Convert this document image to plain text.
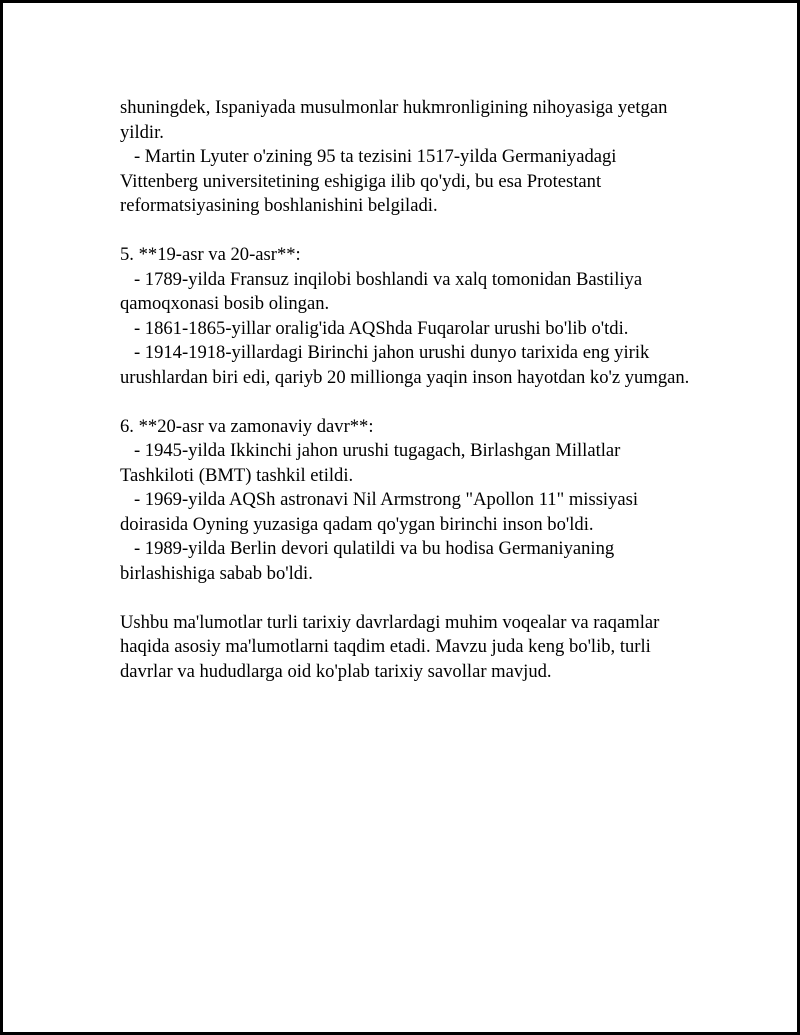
shuningdek, Ispaniyada musulmonlar hukmronligining nihoyasiga yetgan

yildir.

- Martin Lyuter o'zining 95 ta tezisini 1517-yilda Germaniyadagi

Vittenberg universitetining eshigiga ilib qo'ydi, bu esa Protestant

reformatsiyasining boshlanishini belgiladi.

5. **19-asr va 20-asr**:

- 1789-yilda Fransuz inqilobi boshlandi va xalq tomonidan Bastiliya

qamoqxonasi bosib olingan.

- 1861-1865-yillar oralig'ida AQShda Fuqarolar urushi bo'lib o'tdi.

- 1914-1918-yillardagi Birinchi jahon urushi dunyo tarixida eng yirik

urushlardan biri edi, qariyb 20 millionga yaqin inson hayotdan ko'z yumgan.

6. **20-asr va zamonaviy davr**:

- 1945-yilda Ikkinchi jahon urushi tugagach, Birlashgan Millatlar

Tashkiloti (BMT) tashkil etildi.

- 1969-yilda AQSh astronavi Nil Armstrong "Apollon 11" missiyasi

doirasida Oyning yuzasiga qadam qo'ygan birinchi inson bo'ldi.

- 1989-yilda Berlin devori qulatildi va bu hodisa Germaniyaning

birlashishiga sabab bo'ldi.

Ushbu ma'lumotlar turli tarixiy davrlardagi muhim voqealar va raqamlar

haqida asosiy ma'lumotlarni taqdim etadi. Mavzu juda keng bo'lib, turli

davrlar va hududlarga oid ko'plab tarixiy savollar mavjud.
